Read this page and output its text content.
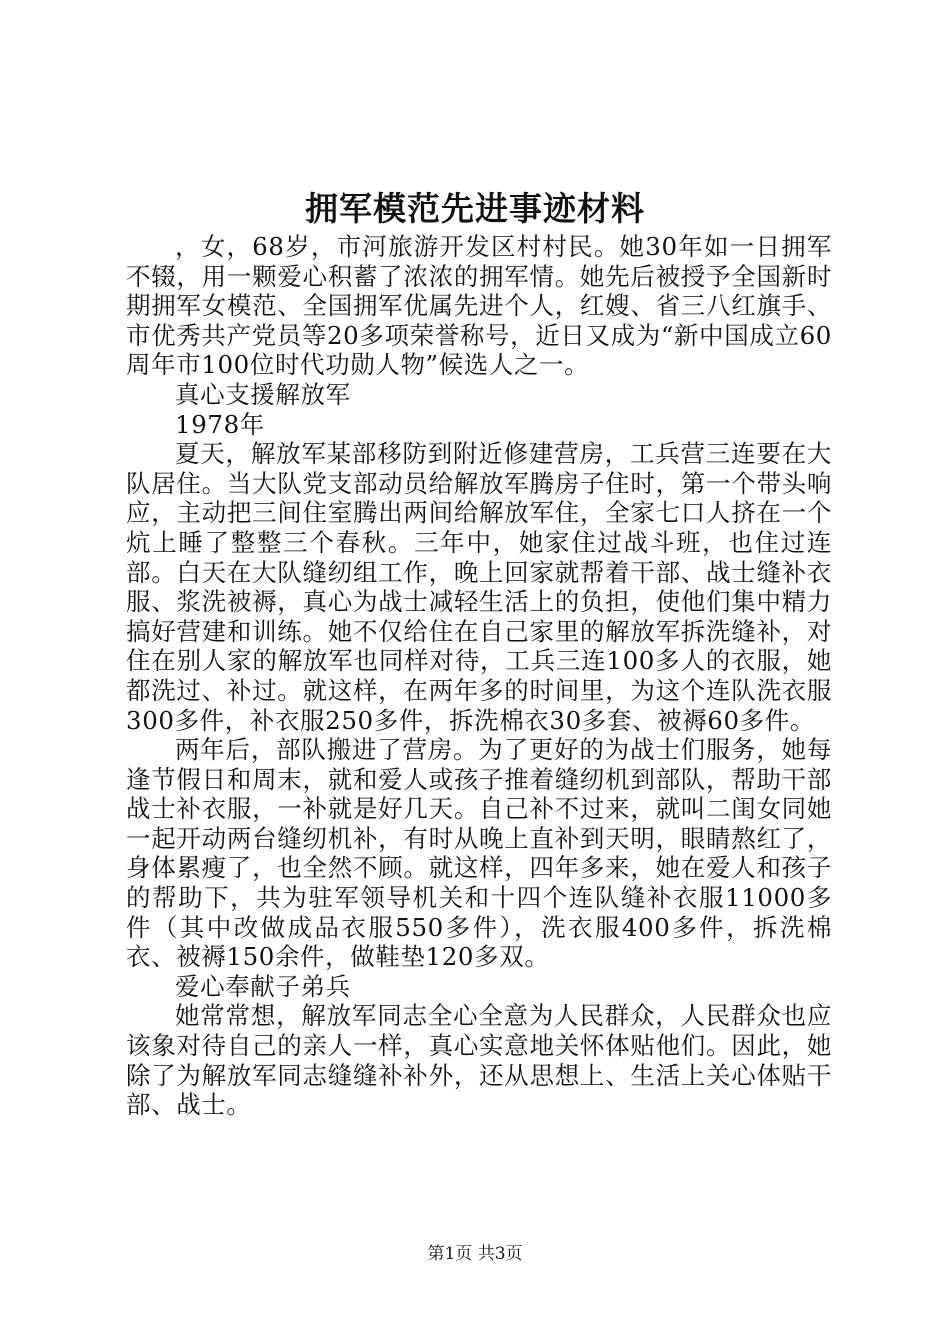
拥军模范先进事迹材料

，女，68岁，市河旅游开发区村村民。她30年如一日拥军不辍，用一颗爱心积蓄了浓浓的拥军情。她先后被授予全国新时期拥军女模范、全国拥军优属先进个人，红嫂、省三八红旗手、市优秀共产党员等20多项荣誉称号，近日又成为“新中国成立60周年市100位时代功勋人物”候选人之一。

真心支援解放军

1978年

夏天，解放军某部移防到附近修建营房，工兵营三连要在大队居住。当大队党支部动员给解放军腾房子住时，第一个带头响应，主动把三间住室腾出两间给解放军住，全家七口人挤在一个炕上睡了整整三个春秋。三年中，她家住过战斗班，也住过连部。白天在大队缝纫组工作，晚上回家就帮着干部、战士缝补衣服、浆洗被褥，真心为战士减轻生活上的负担，使他们集中精力搞好营建和训练。她不仅给住在自己家里的解放军拆洗缝补，对住在别人家的解放军也同样对待，工兵三连100多人的衣服，她都洗过、补过。就这样，在两年多的时间里，为这个连队洗衣服300多件，补衣服250多件，拆洗棉衣30多套、被褥60多件。

两年后，部队搬进了营房。为了更好的为战士们服务，她每逢节假日和周末，就和爱人或孩子推着缝纫机到部队，帮助干部战士补衣服，一补就是好几天。自己补不过来，就叫二闺女同她一起开动两台缝纫机补，有时从晚上直补到天明，眼睛熬红了，身体累瘦了，也全然不顾。就这样，四年多来，她在爱人和孩子的帮助下，共为驻军领导机关和十四个连队缝补衣服11000多件（其中改做成品衣服550多件），洗衣服400多件，拆洗棉衣、被褥150余件，做鞋垫120多双。

爱心奉献子弟兵

她常常想，解放军同志全心全意为人民群众，人民群众也应该象对待自己的亲人一样，真心实意地关怀体贴他们。因此，她除了为解放军同志缝缝补补外，还从思想上、生活上关心体贴干部、战士。

第1页 共3页
